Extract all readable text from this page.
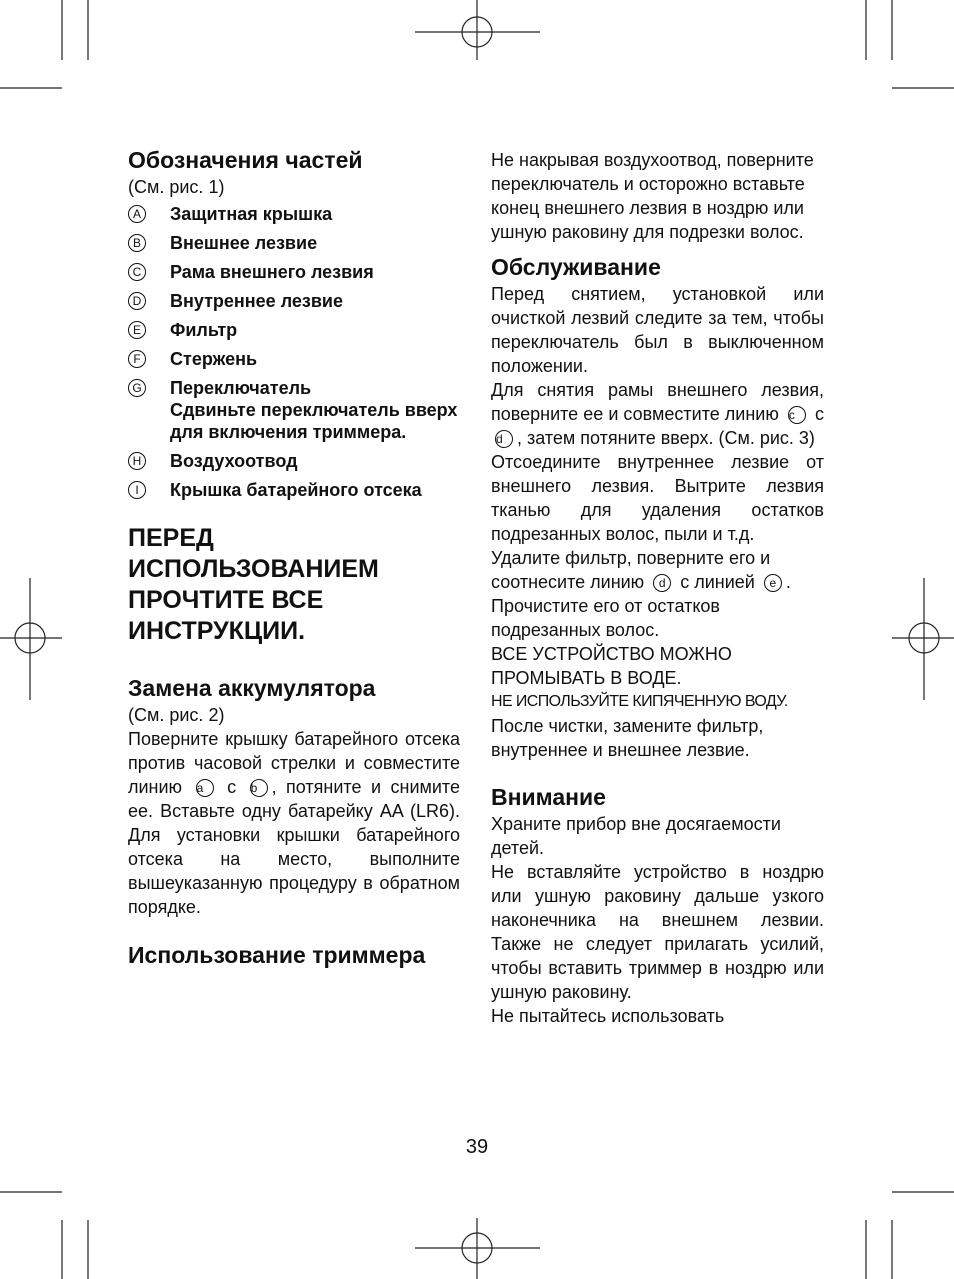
Обозначения частей
(См. рис. 1)
A Защитная крышка
B Внешнее лезвие
C Рама внешнего лезвия
D Внутреннее лезвие
E Фильтр
F Стержень
G Переключатель
Сдвиньте переключатель вверх для включения триммера.
H Воздухоотвод
I	Крышка батарейного отсека
ПЕРЕД ИСПОЛЬЗОВАНИЕМ ПРОЧТИТЕ ВСЕ ИНСТРУКЦИИ.
Замена аккумулятора
(См. рис. 2)
Поверните крышку батарейного отсека против часовой стрелки и совместите линию a с b , потяните и снимите ее. Вставьте одну батарейку AA (LR6). Для установки крышки батарейного отсека на место, выполните вышеуказанную процедуру в обратном порядке.
Использование триммера
Не накрывая воздухоотвод, поверните переключатель и осторожно вставьте конец внешнего лезвия в ноздрю или ушную раковину для подрезки волос.
Обслуживание
Перед снятием, установкой или очисткой лезвий следите за тем, чтобы переключатель был в выключенном положении.
Для снятия рамы внешнего лезвия, поверните ее и совместите линию c с d , затем потяните вверх. (См. рис. 3)
Отсоедините внутреннее лезвие от внешнего лезвия. Вытрите лезвия тканью для удаления остатков подрезанных волос, пыли и т.д.
Удалите фильтр, поверните его и соотнесите линию d с линией e . Прочистите его от остатков подрезанных волос.
ВСЕ УСТРОЙСТВО МОЖНО ПРОМЫВАТЬ В ВОДЕ.
НЕ ИСПОЛЬЗУЙТЕ КИПЯЧЕННУЮ ВОДУ.
После чистки, замените фильтр, внутреннее и внешнее лезвие.
Внимание
Храните прибор вне досягаемости детей.
Не вставляйте устройство в ноздрю или ушную раковину дальше узкого наконечника на внешнем лезвии. Также не следует прилагать усилий, чтобы вставить триммер в ноздрю или ушную раковину.
Не пытайтесь использовать
39
